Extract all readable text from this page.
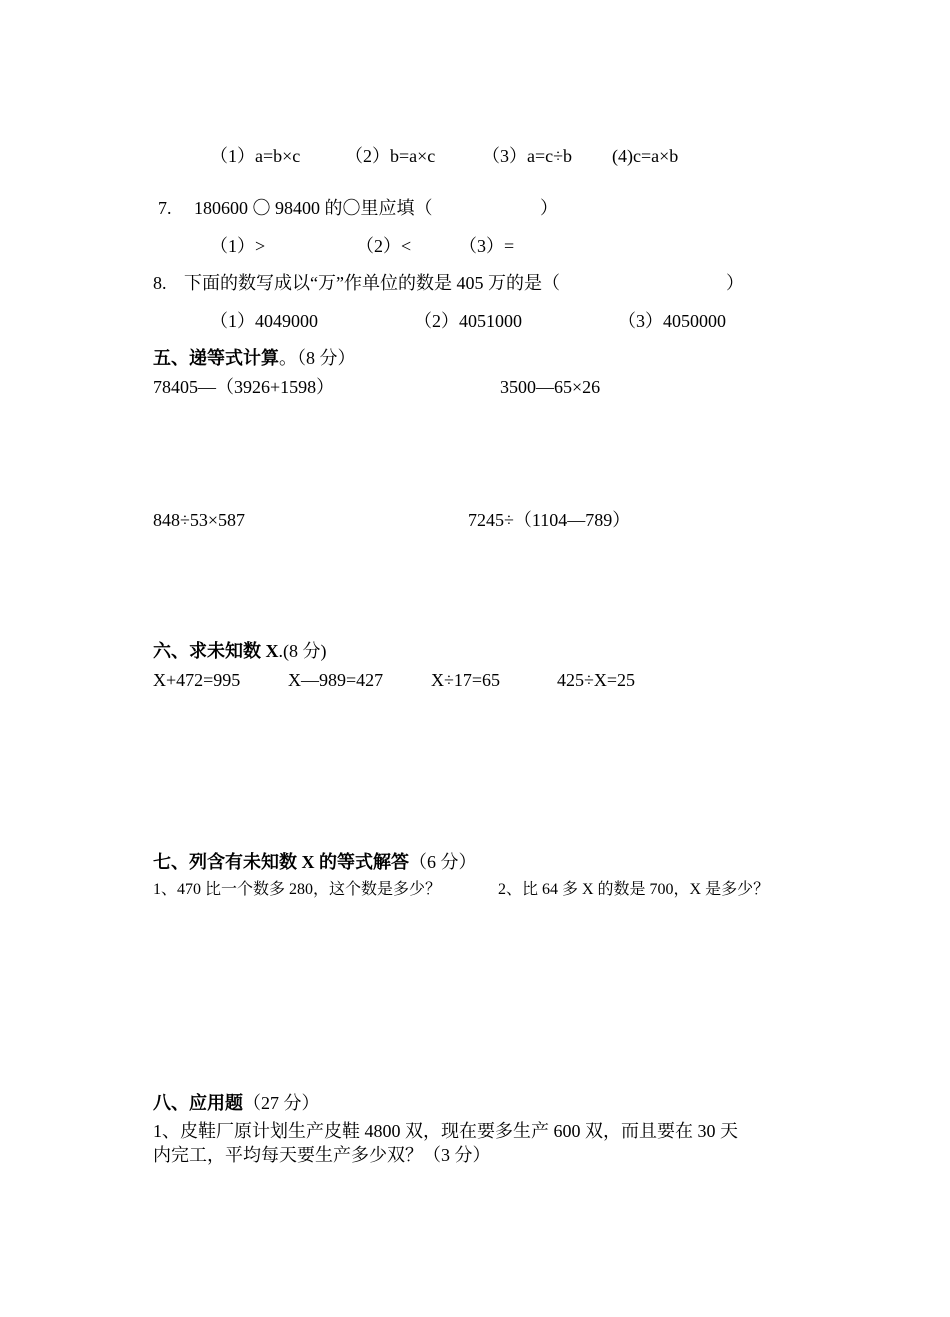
（1）a=b×c （2）b=a×c	（3）a=c÷b (4)c=a×b
7. 180600 〇 98400 的〇里应填（	）
（1）>	（2）<	（3）=
8. 下面的数写成以“万”作单位的数是 405 万的是（	）
（1）4049000	（2）4051000	（3）4050000
五、递等式计算。（8 分）
78405—（3926+1598）	3500—65×26
848÷53×587	7245÷（1104—789）
六、求未知数 X.(8 分)
X+472=995	X—989=427	X÷17=65	425÷X=25
七、列含有未知数 X 的等式解答（6 分）
1、470 比一个数多 280，这个数是多少？	2、比 64 多 X 的数是 700，X 是多少？
八、应用题（27 分）
1、皮鞋厂原计划生产皮鞋 4800 双，现在要多生产 600 双，而且要在 30 天
内完工，平均每天要生产多少双？（3 分）
